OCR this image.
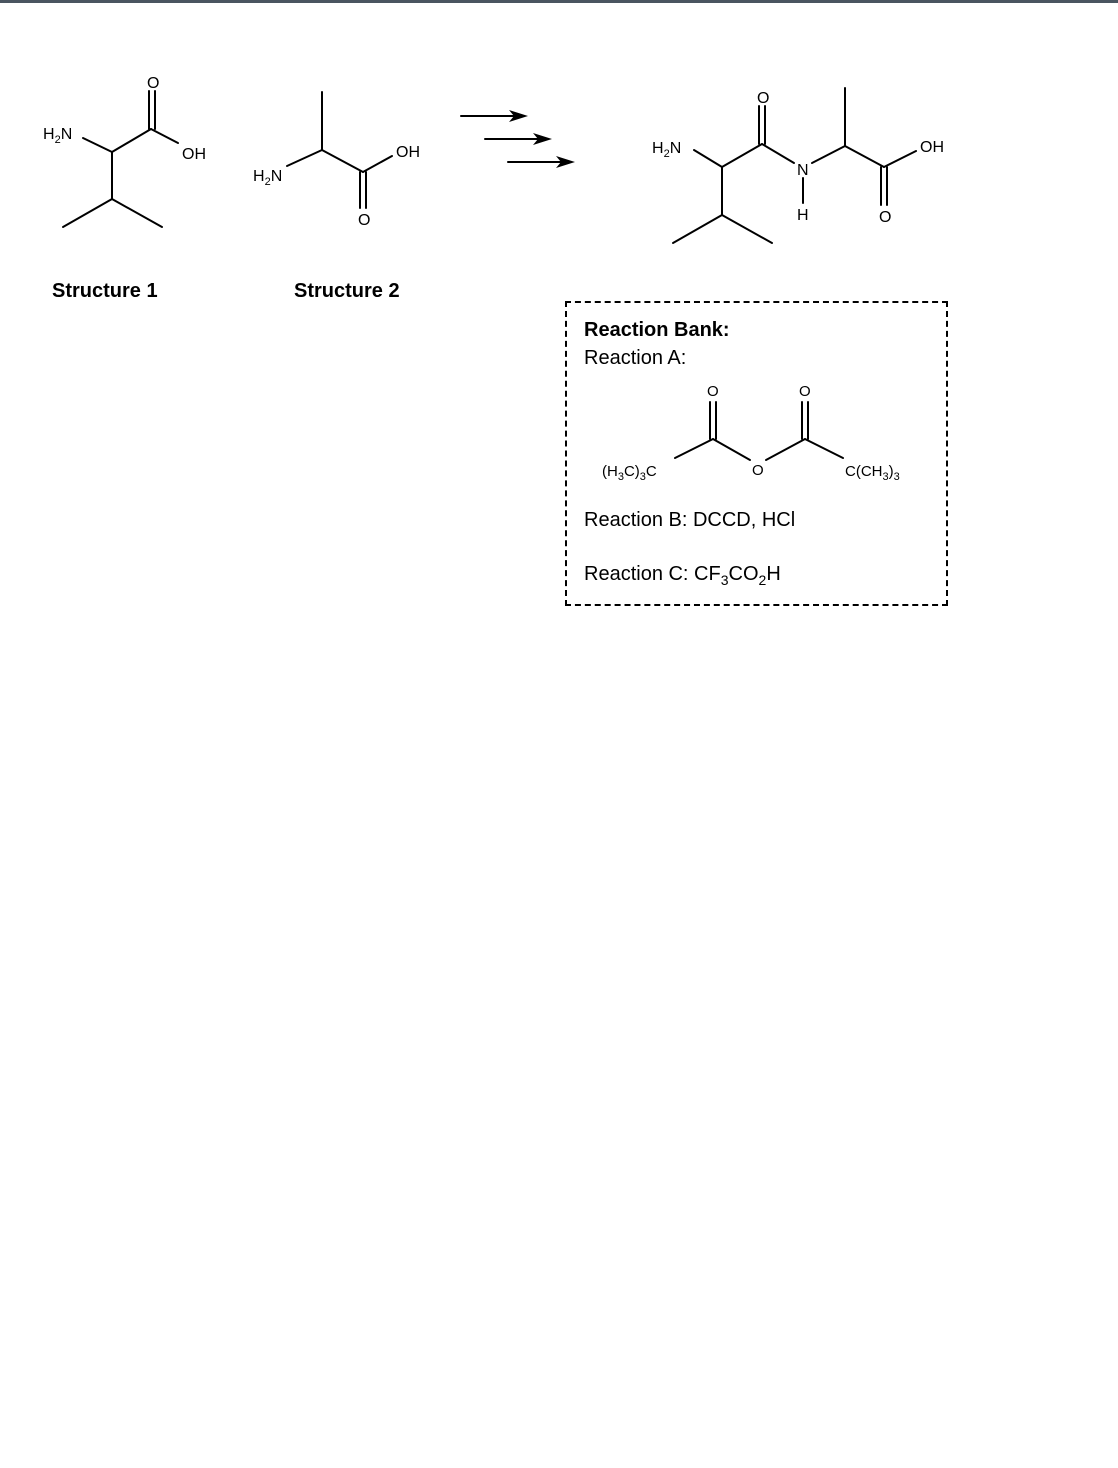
$H_2N$
OH
O
$H_2N$
OH
O
$H_2N$
O
N
H
OH
O
Structure 1	Structure 2
Reaction Bank:
Reaction A:
O	O
O
$(H_3C)_3C$	$C(CH_3)_3$
Reaction B: DCCD, HCl
Reaction C: $CF_3CO_2H$
